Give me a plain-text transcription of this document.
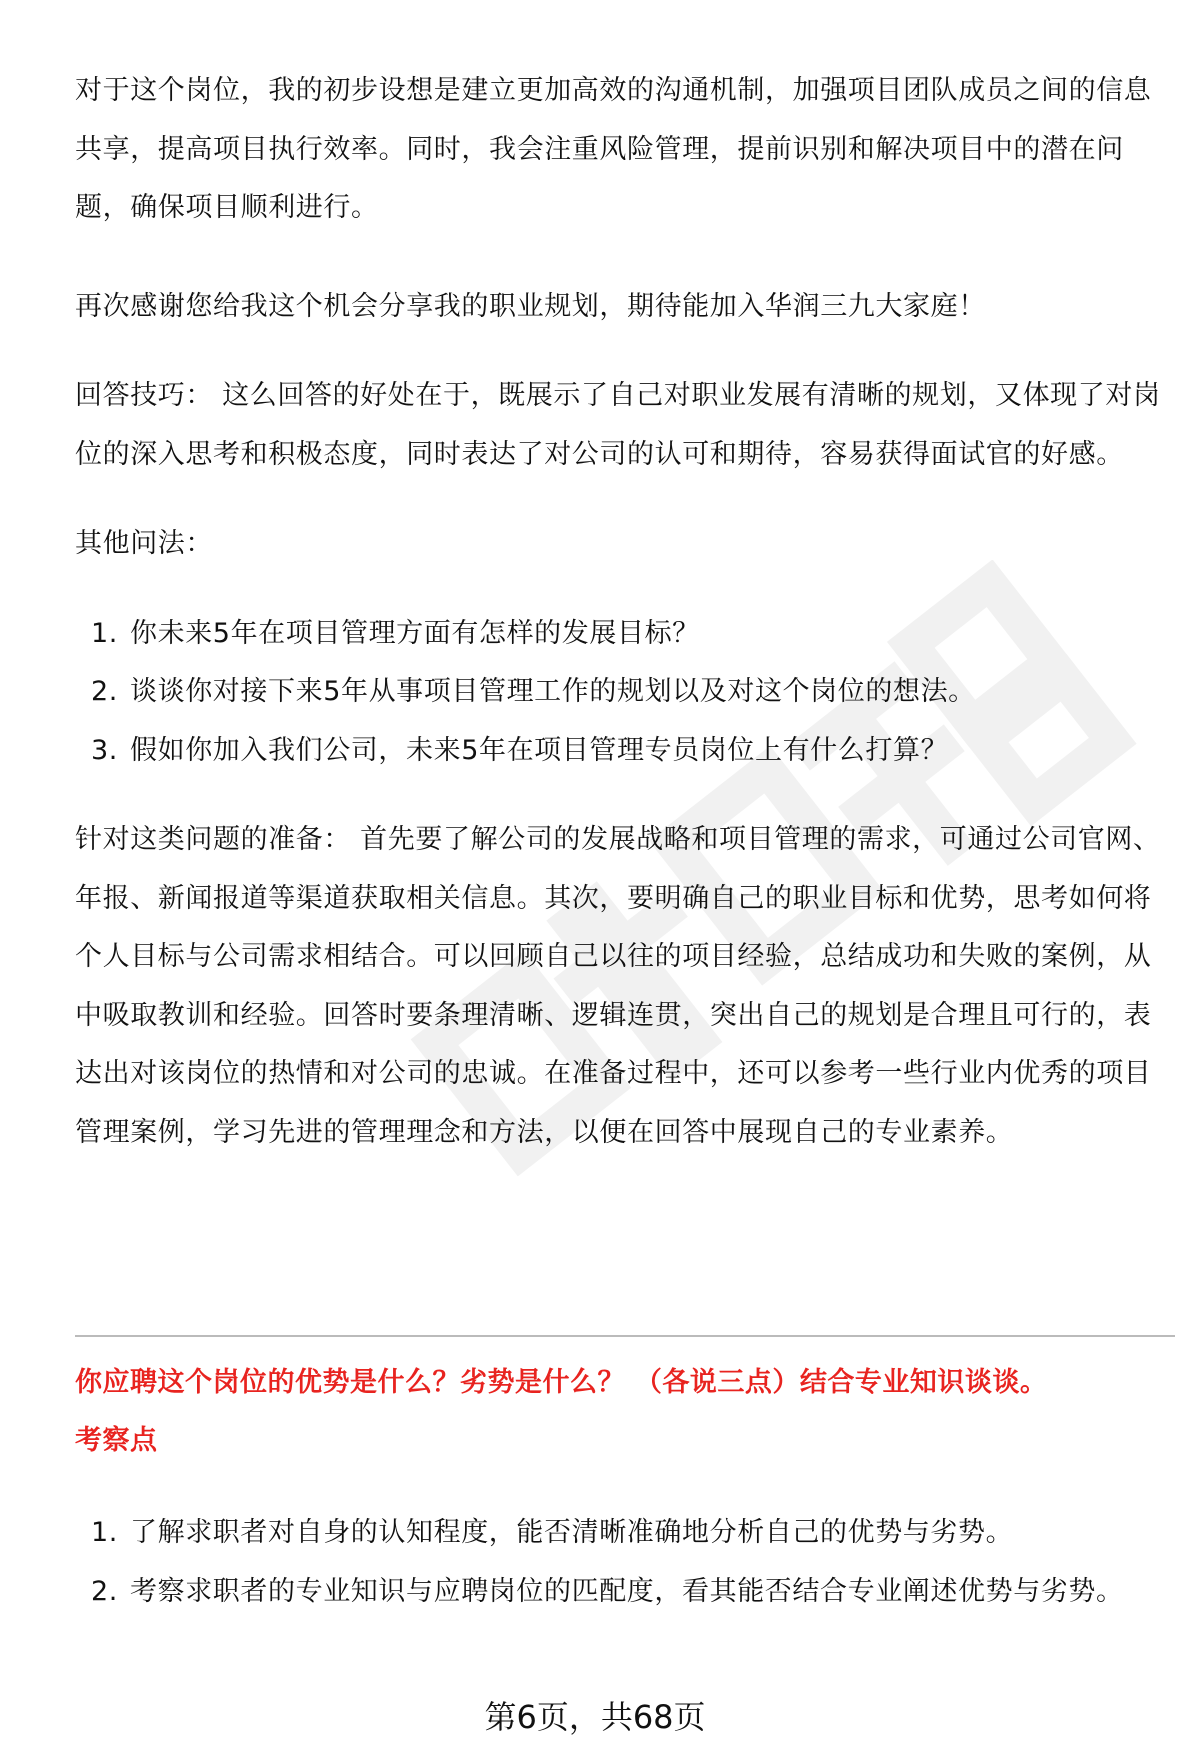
对于这个岗位，我的初步设想是建立更加高效的沟通机制，加强项目团队成员之间的信息共享，提高项目执行效率。同时，我会注重风险管理，提前识别和解决项目中的潜在问题，确保项目顺利进行。

再次感谢您给我这个机会分享我的职业规划，期待能加入华润三九大家庭！

回答技巧： 这么回答的好处在于，既展示了自己对职业发展有清晰的规划，又体现了对岗位的深入思考和积极态度，同时表达了对公司的认可和期待，容易获得面试官的好感。

其他问法：

1. 你未来5年在项目管理方面有怎样的发展目标？
2. 谈谈你对接下来5年从事项目管理工作的规划以及对这个岗位的想法。
3. 假如你加入我们公司，未来5年在项目管理专员岗位上有什么打算？

针对这类问题的准备： 首先要了解公司的发展战略和项目管理的需求，可通过公司官网、年报、新闻报道等渠道获取相关信息。其次，要明确自己的职业目标和优势，思考如何将个人目标与公司需求相结合。可以回顾自己以往的项目经验，总结成功和失败的案例，从中吸取教训和经验。回答时要条理清晰、逻辑连贯，突出自己的规划是合理且可行的，表达出对该岗位的热情和对公司的忠诚。在准备过程中，还可以参考一些行业内优秀的项目管理案例，学习先进的管理理念和方法，以便在回答中展现自己的专业素养。

你应聘这个岗位的优势是什么？劣势是什么？ （各说三点）结合专业知识谈谈。

考察点

1. 了解求职者对自身的认知程度，能否清晰准确地分析自己的优势与劣势。
2. 考察求职者的专业知识与应聘岗位的匹配度，看其能否结合专业阐述优势与劣势。
第6页，共68页
